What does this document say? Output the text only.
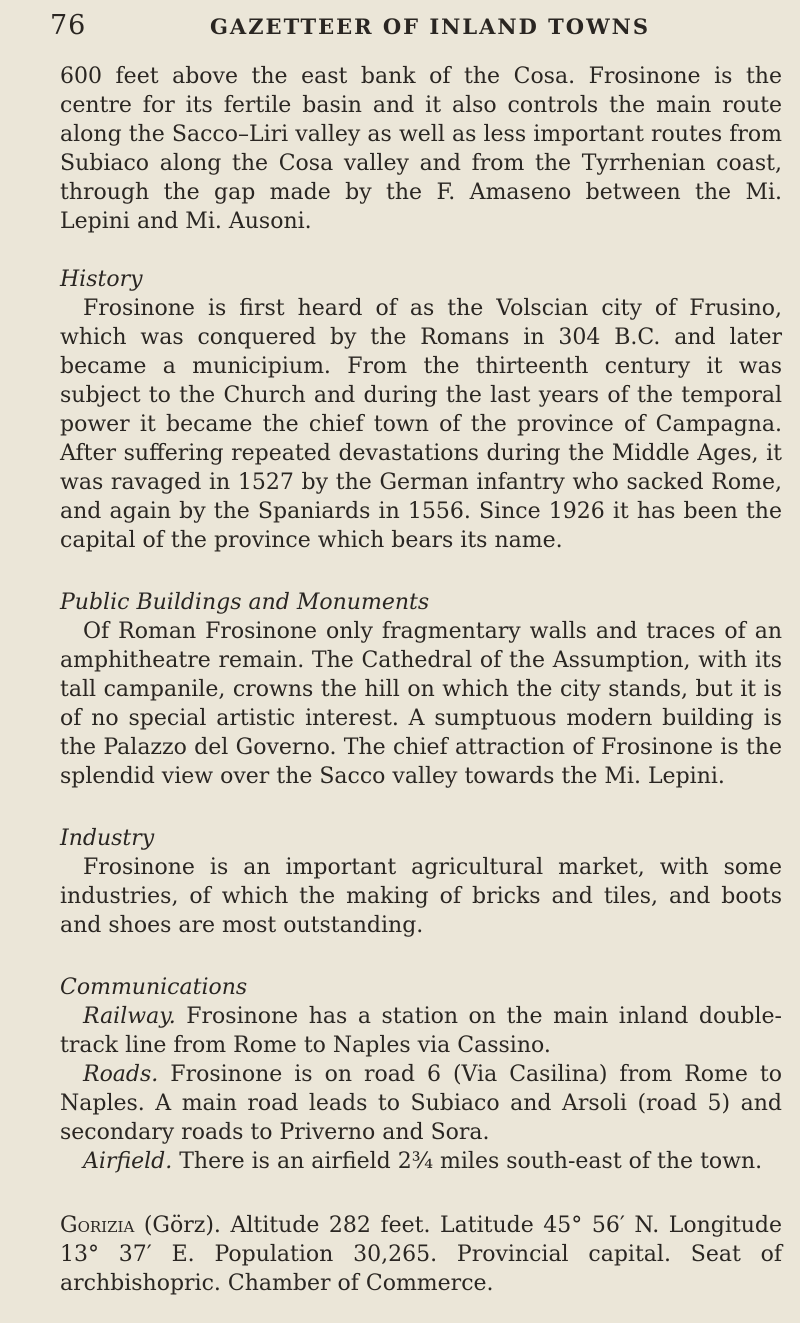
76	GAZETTEER OF INLAND TOWNS

600 feet above the east bank of the Cosa. Frosinone is the centre for its fertile basin and it also controls the main route along the Sacco–Liri valley as well as less important routes from Subiaco along the Cosa valley and from the Tyrrhenian coast, through the gap made by the F. Amaseno between the Mi. Lepini and Mi. Ausoni.

History

Frosinone is first heard of as the Volscian city of Frusino, which was conquered by the Romans in 304 B.C. and later became a municipium. From the thirteenth century it was subject to the Church and during the last years of the temporal power it became the chief town of the province of Campagna. After suffering repeated devastations during the Middle Ages, it was ravaged in 1527 by the German infantry who sacked Rome, and again by the Spaniards in 1556. Since 1926 it has been the capital of the province which bears its name.

Public Buildings and Monuments

Of Roman Frosinone only fragmentary walls and traces of an amphitheatre remain. The Cathedral of the Assumption, with its tall campanile, crowns the hill on which the city stands, but it is of no special artistic interest. A sumptuous modern building is the Palazzo del Governo. The chief attraction of Frosinone is the splendid view over the Sacco valley towards the Mi. Lepini.

Industry

Frosinone is an important agricultural market, with some industries, of which the making of bricks and tiles, and boots and shoes are most outstanding.

Communications

Railway. Frosinone has a station on the main inland double-track line from Rome to Naples via Cassino.

Roads. Frosinone is on road 6 (Via Casilina) from Rome to Naples. A main road leads to Subiaco and Arsoli (road 5) and secondary roads to Priverno and Sora.

Airfield. There is an airfield 2¾ miles south-east of the town.

Gorizia (Görz). Altitude 282 feet. Latitude 45° 56′ N. Longitude 13° 37′ E. Population 30,265. Provincial capital. Seat of archbishopric. Chamber of Commerce.
